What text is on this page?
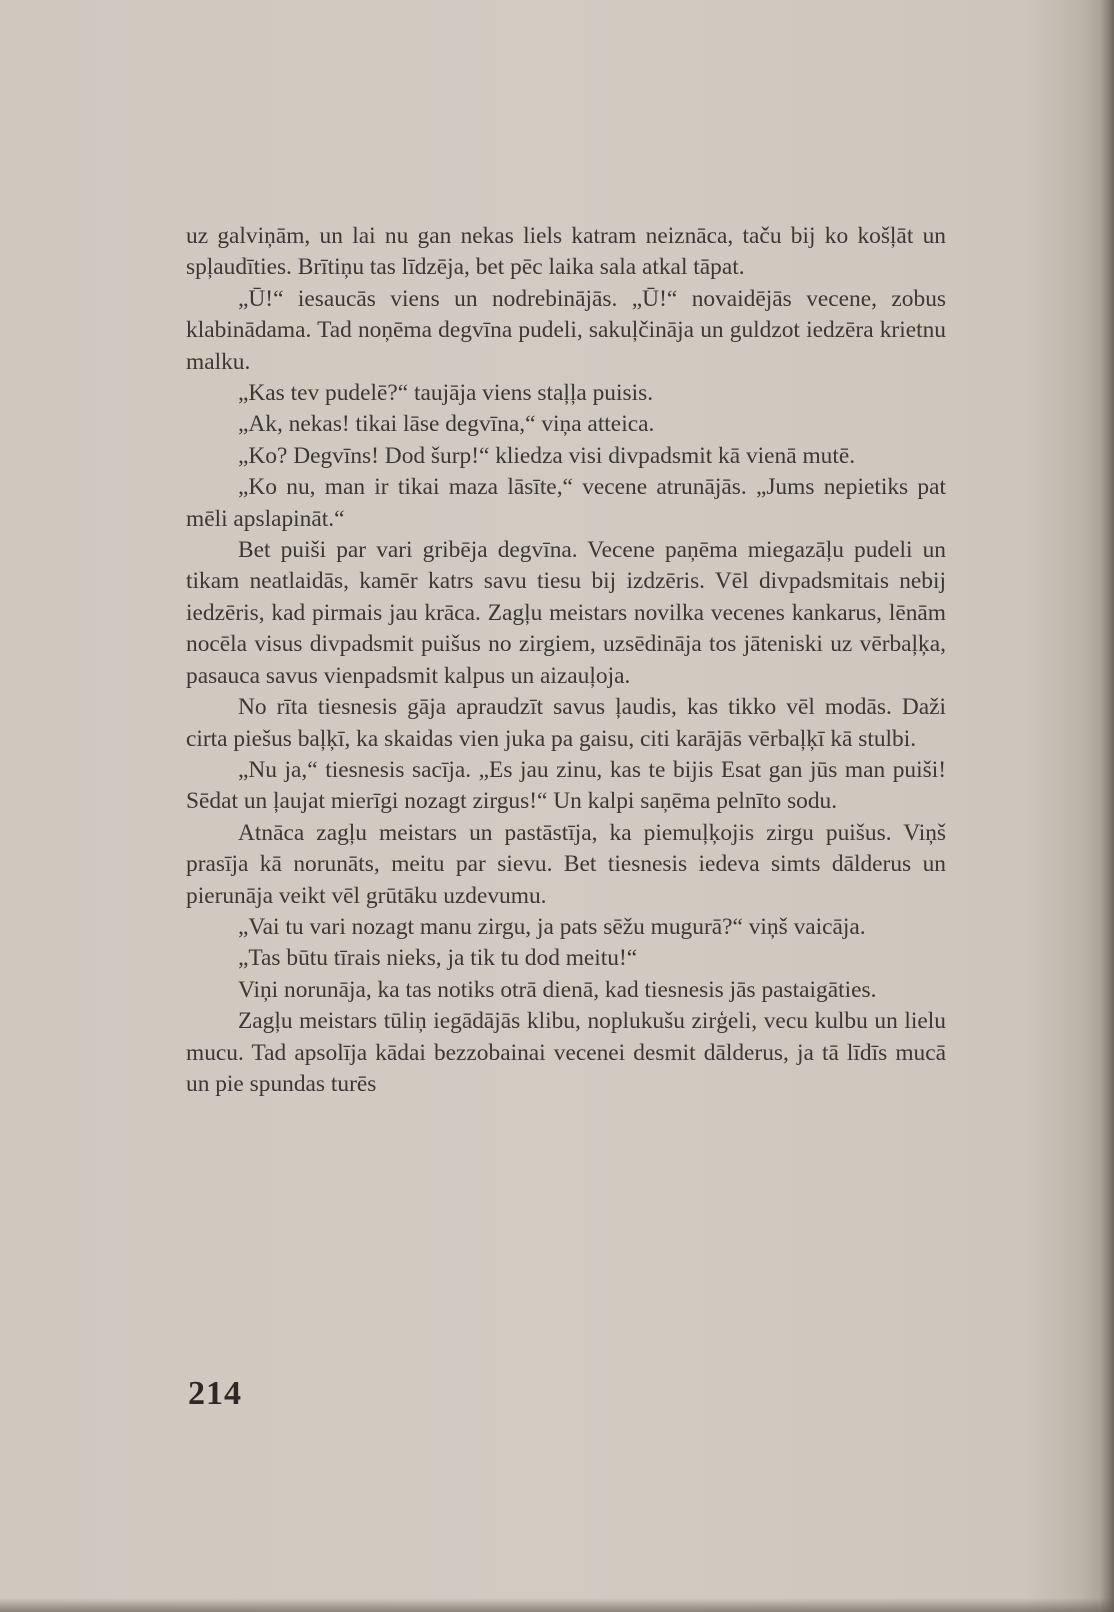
uz galviņām, un lai nu gan nekas liels katram neiznāca, taču bij ko košļāt un spļaudīties. Brītiņu tas līdzēja, bet pēc laika sala atkal tāpat.

„Ū!“ iesaucās viens un nodrebinājās. „Ū!“ novaidējās vecene, zobus klabinādama. Tad noņēma degvīna pudeli, sakuļčināja un guldzot iedzēra krietnu malku.

„Kas tev pudelē?“ taujāja viens staļļa puisis.

„Ak, nekas! tikai lāse degvīna,“ viņa atteica.

„Ko? Degvīns! Dod šurp!“ kliedza visi divpadsmit kā vienā mutē.

„Ko nu, man ir tikai maza lāsīte,“ vecene atrunājās. „Jums nepietiks pat mēli apslapināt.“

Bet puiši par vari gribēja degvīna. Vecene paņēma miegazāļu pudeli un tikam neatlaidās, kamēr katrs savu tiesu bij izdzēris. Vēl divpadsmitais nebij iedzēris, kad pirmais jau krāca. Zagļu meistars novilka vecenes kankarus, lēnām nocēla visus divpadsmit puišus no zirgiem, uzsēdināja tos jāteniski uz vērbaļķa, pasauca savus vienpadsmit kalpus un aizauļoja.

No rīta tiesnesis gāja apraudzīt savus ļaudis, kas tikko vēl modās. Daži cirta piešus baļķī, ka skaidas vien juka pa gaisu, citi karājās vērbaļķī kā stulbi.

„Nu ja,“ tiesnesis sacīja. „Es jau zinu, kas te bijis Esat gan jūs man puiši! Sēdat un ļaujat mierīgi nozagt zirgus!“ Un kalpi saņēma pelnīto sodu.

Atnāca zagļu meistars un pastāstīja, ka piemuļķojis zirgu puišus. Viņš prasīja kā norunāts, meitu par sievu. Bet tiesnesis iedeva simts dālderus un pierunāja veikt vēl grūtāku uzdevumu.

„Vai tu vari nozagt manu zirgu, ja pats sēžu mugurā?“ viņš vaicāja.

„Tas būtu tīrais nieks, ja tik tu dod meitu!“

Viņi norunāja, ka tas notiks otrā dienā, kad tiesnesis jās pastaigāties.

Zagļu meistars tūliņ iegādājās klibu, noplukušu zirģeli, vecu kulbu un lielu mucu. Tad apsolīja kādai bezzobainai vecenei desmit dālderus, ja tā līdīs mucā un pie spundas turēs

214
